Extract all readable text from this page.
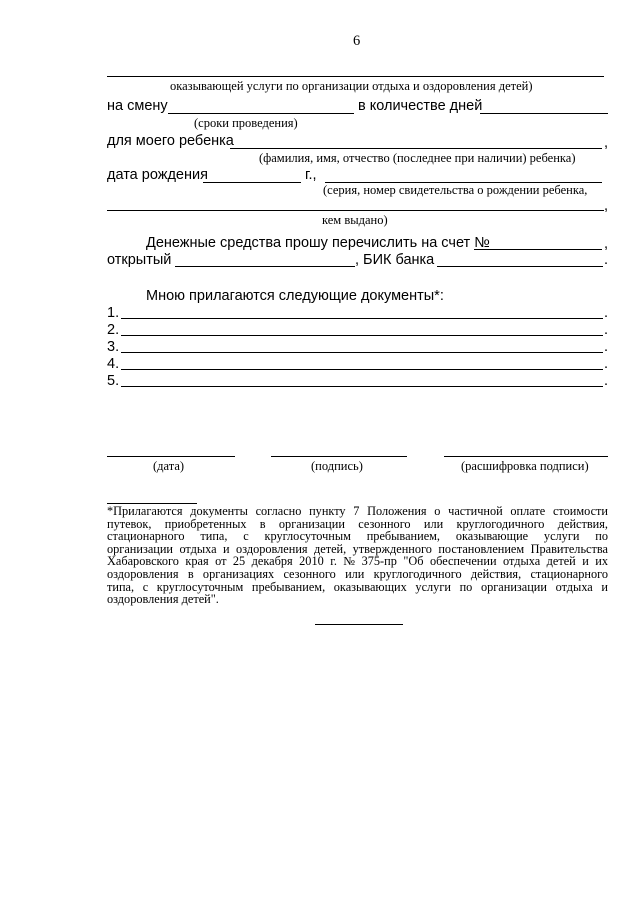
6
оказывающей услуги по организации отдыха и оздоровления детей)
на смену	в количестве дней
(сроки проведения)
для моего ребенка	,
(фамилия, имя, отчество (последнее при наличии) ребенка)
дата рождения	г.,
(серия, номер свидетельства о рождении ребенка,
,
кем выдано)
Денежные средства прошу перечислить на счет №	,
открытый	, БИК банка	.
Мною прилагаются следующие документы*:
1.	.
2.	.
3.	.
4.	.
5.	.
(дата)	(подпись)	(расшифровка подписи)
*Прилагаются документы согласно пункту 7 Положения о частичной оплате стоимости
путевок, приобретенных в организации сезонного или круглогодичного действия,
стационарного типа, с круглосуточным пребыванием, оказывающие услуги по
организации отдыха и оздоровления детей, утвержденного постановлением Правительства
Хабаровского края от 25 декабря 2010 г. № 375-пр "Об обеспечении отдыха детей и их
оздоровления в организациях сезонного или круглогодичного действия, стационарного
типа, с круглосуточным пребыванием, оказывающих услуги по организации отдыха и
оздоровления детей".
